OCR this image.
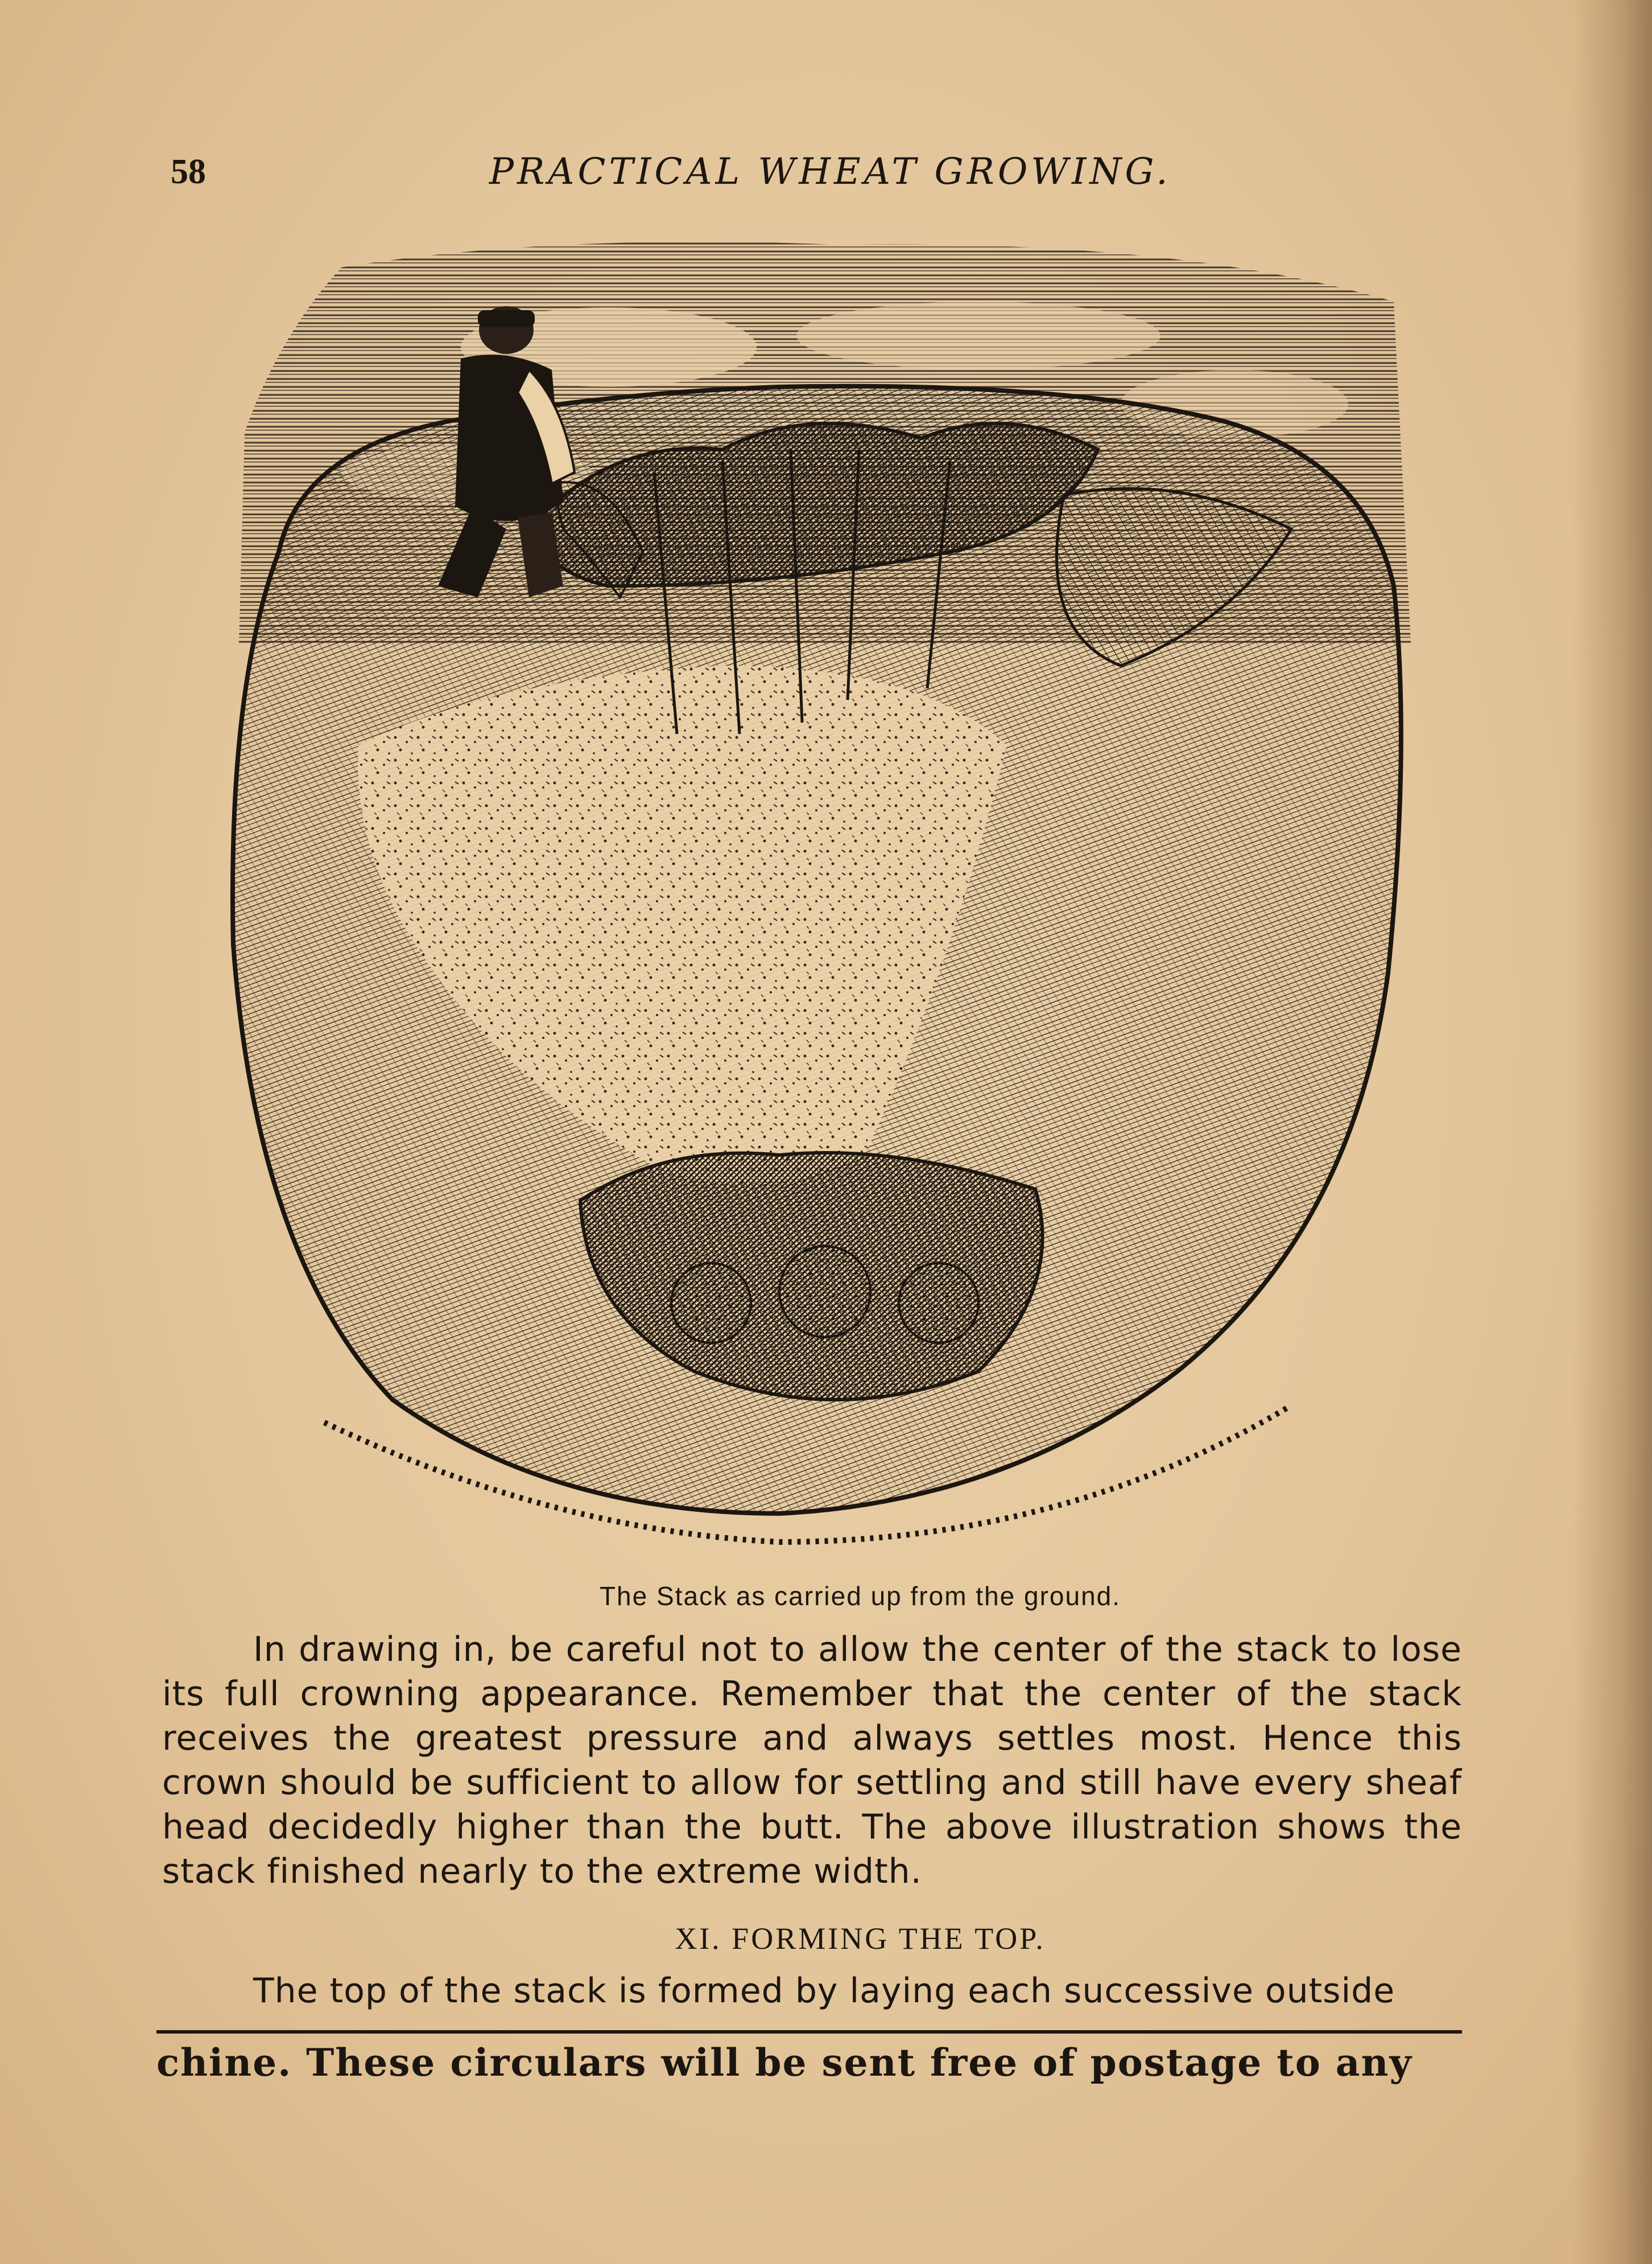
58	PRACTICAL WHEAT GROWING.
The Stack as carried up from the ground.

In drawing in, be careful not to allow the center of the stack to lose its full crowning appearance. Remember that the center of the stack receives the greatest pressure and always settles most. Hence this crown should be sufficient to allow for settling and still have every sheaf head decidedly higher than the butt. The above illustration shows the stack finished nearly to the extreme width.

XI. FORMING THE TOP.
The top of the stack is formed by laying each successive outside
chine. These circulars will be sent free of postage to any
